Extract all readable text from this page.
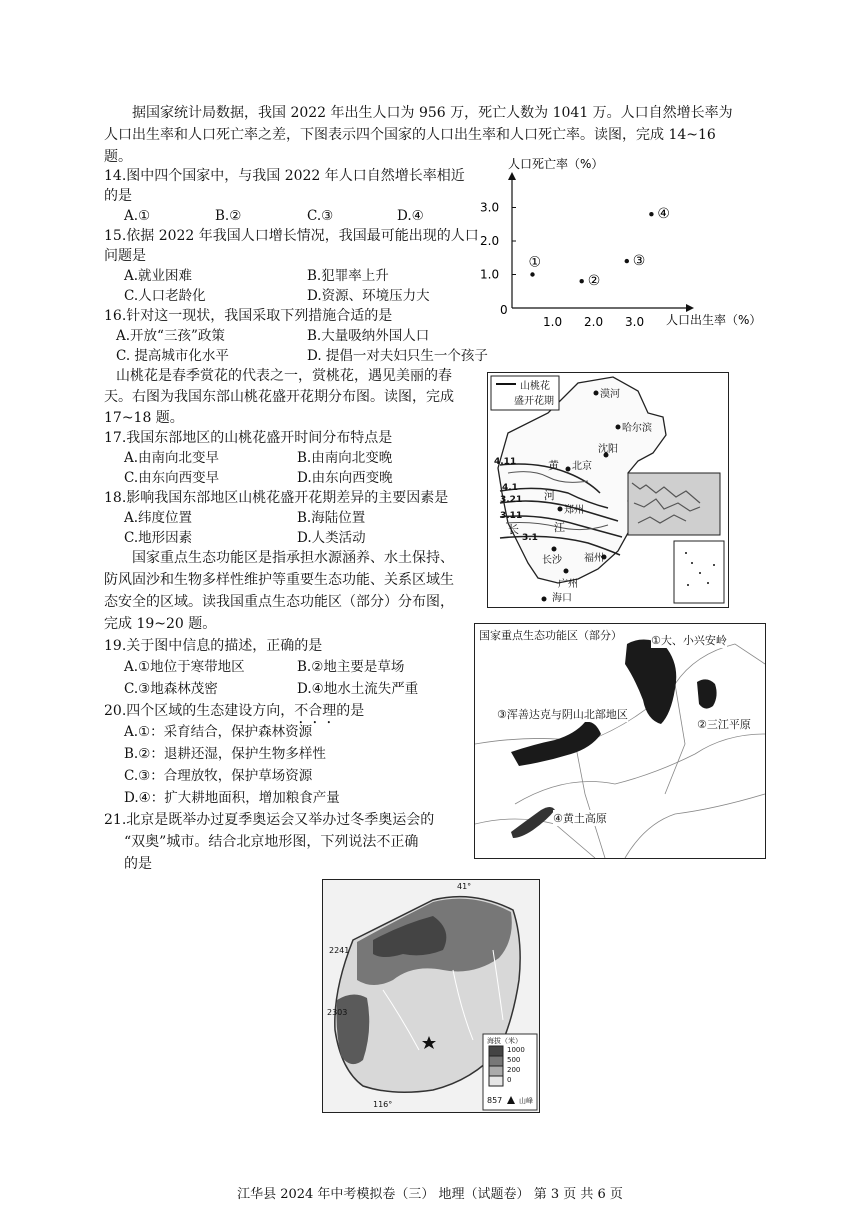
据国家统计局数据，我国 2022 年出生人口为 956 万，死亡人数为 1041 万。人口自然增长率为
人口出生率和人口死亡率之差，下图表示四个国家的人口出生率和人口死亡率。读图，完成 14~16
题。
14.图中四个国家中，与我国 2022 年人口自然增长率相近
的是
A.①	B.②	C.③	D.④
15.依据 2022 年我国人口增长情况，我国最可能出现的人口
问题是
A.就业困难	B.犯罪率上升
C.人口老龄化	D.资源、环境压力大
16.针对这一现状，我国采取下列措施合适的是
A.开放“三孩”政策	B.大量吸纳外国人口
C. 提高城市化水平	D. 提倡一对夫妇只生一个孩子
人口死亡率（%）
0
人口出生率（%）
1.0
2.0
3.0
1.0 2.0 3.0
①
②
③
④
山桃花是春季赏花的代表之一，赏桃花，遇见美丽的春
天。右图为我国东部山桃花盛开花期分布图。读图，完成
17~18 题。
17.我国东部地区的山桃花盛开时间分布特点是
A.由南向北变早	B.由南向北变晚
C.由东向西变早	D.由东向西变晚
18.影响我国东部地区山桃花盛开花期差异的主要因素是
A.纬度位置	B.海陆位置
C.地形因素	D.人类活动
山桃花
盛开花期
漠河
哈尔滨
沈阳
北京
郑州
长沙 福州
广州
海口
4.11
4.1
3.21
3.11
3.1
黄
河
长	江
国家重点生态功能区是指承担水源涵养、水土保持、
防风固沙和生物多样性维护等重要生态功能、关系区域生
态安全的区域。读我国重点生态功能区（部分）分布图，
完成 19~20 题。
19.关于图中信息的描述，正确的是
A.①地位于寒带地区	B.②地主要是草场
C.③地森林茂密	D.④地水土流失严重
20.四个区域的生态建设方向，不合理的是
A.①：采育结合，保护森林资源
B.②：退耕还湿，保护生物多样性
C.③：合理放牧，保护草场资源
D.④：扩大耕地面积，增加粮食产量
21.北京是既举办过夏季奥运会又举办过冬季奥运会的
“双奥”城市。结合北京地形图，下列说法不正确
的是
国家重点生态功能区（部分）	①大、小兴安岭
②三江平原
③浑善达克与阴山北部地区
④黄土高原
41°
116°
2241
2303
857
海拔（米）
1000
500
200
0
山峰
江华县 2024 年中考模拟卷（三） 地理（试题卷） 第 3 页 共 6 页
